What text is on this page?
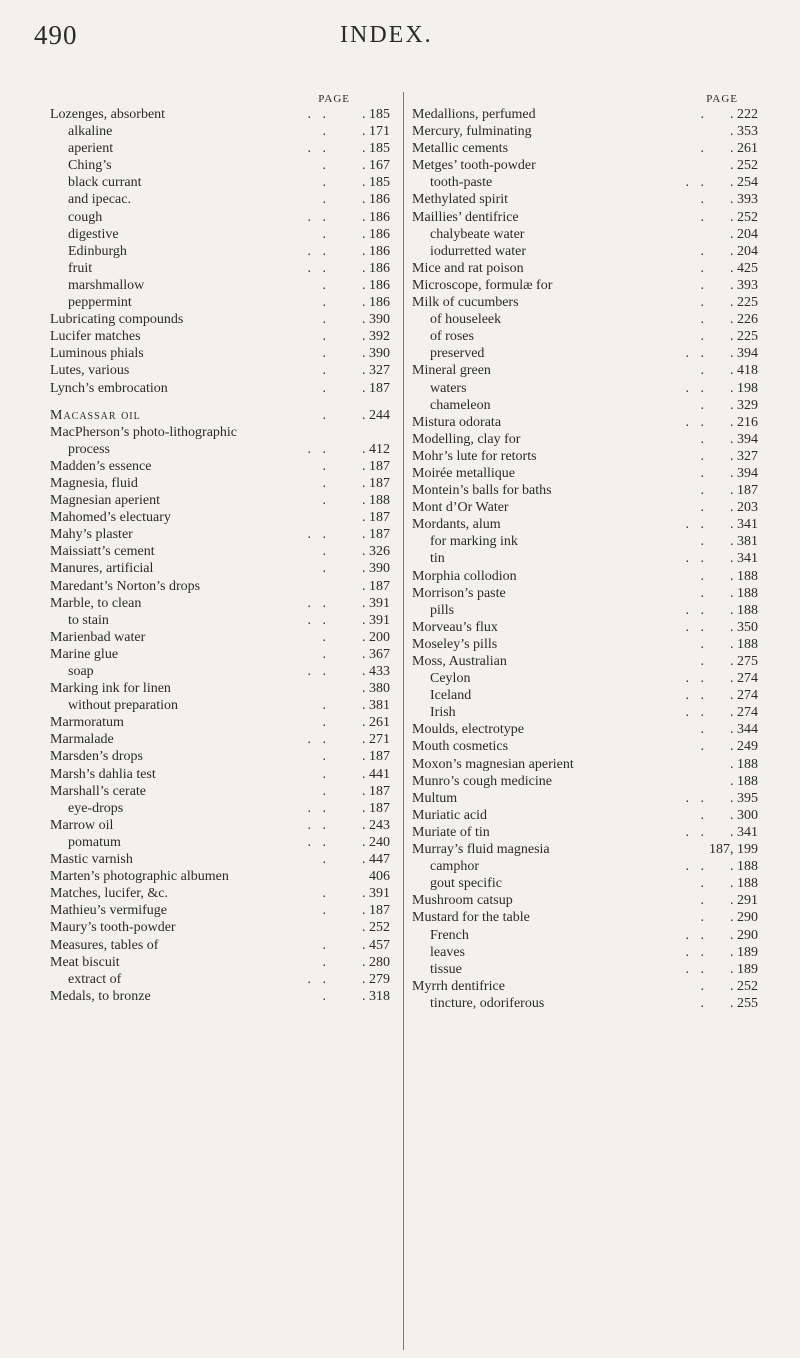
490	INDEX.
PAGE
Lozenges, absorbent	. . . 185
alkaline	. . 171
aperient	. . . 185
Ching’s	. . 167
black currant	. . 185
and ipecac.	. . 186
cough	. . . 186
digestive	. . 186
Edinburgh	. . . 186
fruit	. . . 186
marshmallow	. . 186
peppermint	. . 186
Lubricating compounds	. . 390
Lucifer matches	. . 392
Luminous phials	. . 390
Lutes, various	. . 327
Lynch’s embrocation	. . 187
Macassar oil	. . 244
MacPherson’s photo-lithographic
process	. . . 412
Madden’s essence	. . 187
Magnesia, fluid	. . 187
Magnesian aperient	. . 188
Mahomed’s electuary	. 187
Mahy’s plaster	. . . 187
Maissiatt’s cement	. . 326
Manures, artificial	. . 390
Maredant’s Norton’s drops	. 187
Marble, to clean	. . . 391
to stain	. . . 391
Marienbad water	. . 200
Marine glue	. . 367
soap	. . . 433
Marking ink for linen	. 380
without preparation	. . 381
Marmoratum	. . 261
Marmalade	. . . 271
Marsden’s drops	. . 187
Marsh’s dahlia test	. . 441
Marshall’s cerate	. . 187
eye-drops	. . . 187
Marrow oil	. . . 243
pomatum	. . . 240
Mastic varnish	. . 447
Marten’s photographic albumen	406
Matches, lucifer, &c.	. . 391
Mathieu’s vermifuge	. . 187
Maury’s tooth-powder	. 252
Measures, tables of	. . 457
Meat biscuit	. . 280
extract of	. . . 279
Medals, to bronze	. . 318
PAGE
Medallions, perfumed	. . 222
Mercury, fulminating	. 353
Metallic cements	. . 261
Metges’ tooth-powder	. 252
tooth-paste	. . . 254
Methylated spirit	. . 393
Maillies’ dentifrice	. . 252
chalybeate water	. 204
iodurretted water	. . 204
Mice and rat poison	. . 425
Microscope, formulæ for	. . 393
Milk of cucumbers	. . 225
of houseleek	. . 226
of roses	. . 225
preserved	. . . 394
Mineral green	. . 418
waters	. . . 198
chameleon	. . 329
Mistura odorata	. . . 216
Modelling, clay for	. . 394
Mohr’s lute for retorts	. . 327
Moirée metallique	. . 394
Montein’s balls for baths	. . 187
Mont d’Or Water	. . 203
Mordants, alum	. . . 341
for marking ink	. . 381
tin	. . . 341
Morphia collodion	. . 188
Morrison’s paste	. . 188
pills	. . . 188
Morveau’s flux	. . . 350
Moseley’s pills	. . 188
Moss, Australian	. . 275
Ceylon	. . . 274
Iceland	. . . 274
Irish	. . . 274
Moulds, electrotype	. . 344
Mouth cosmetics	. . 249
Moxon’s magnesian aperient	. 188
Munro’s cough medicine	. 188
Multum	. . . 395
Muriatic acid	. . 300
Muriate of tin	. . . 341
Murray’s fluid magnesia	187, 199
camphor	. . . 188
gout specific	. . 188
Mushroom catsup	. . 291
Mustard for the table	. . 290
French	. . . 290
leaves	. . . 189
tissue	. . . 189
Myrrh dentifrice	. . 252
tincture, odoriferous	. . 255
